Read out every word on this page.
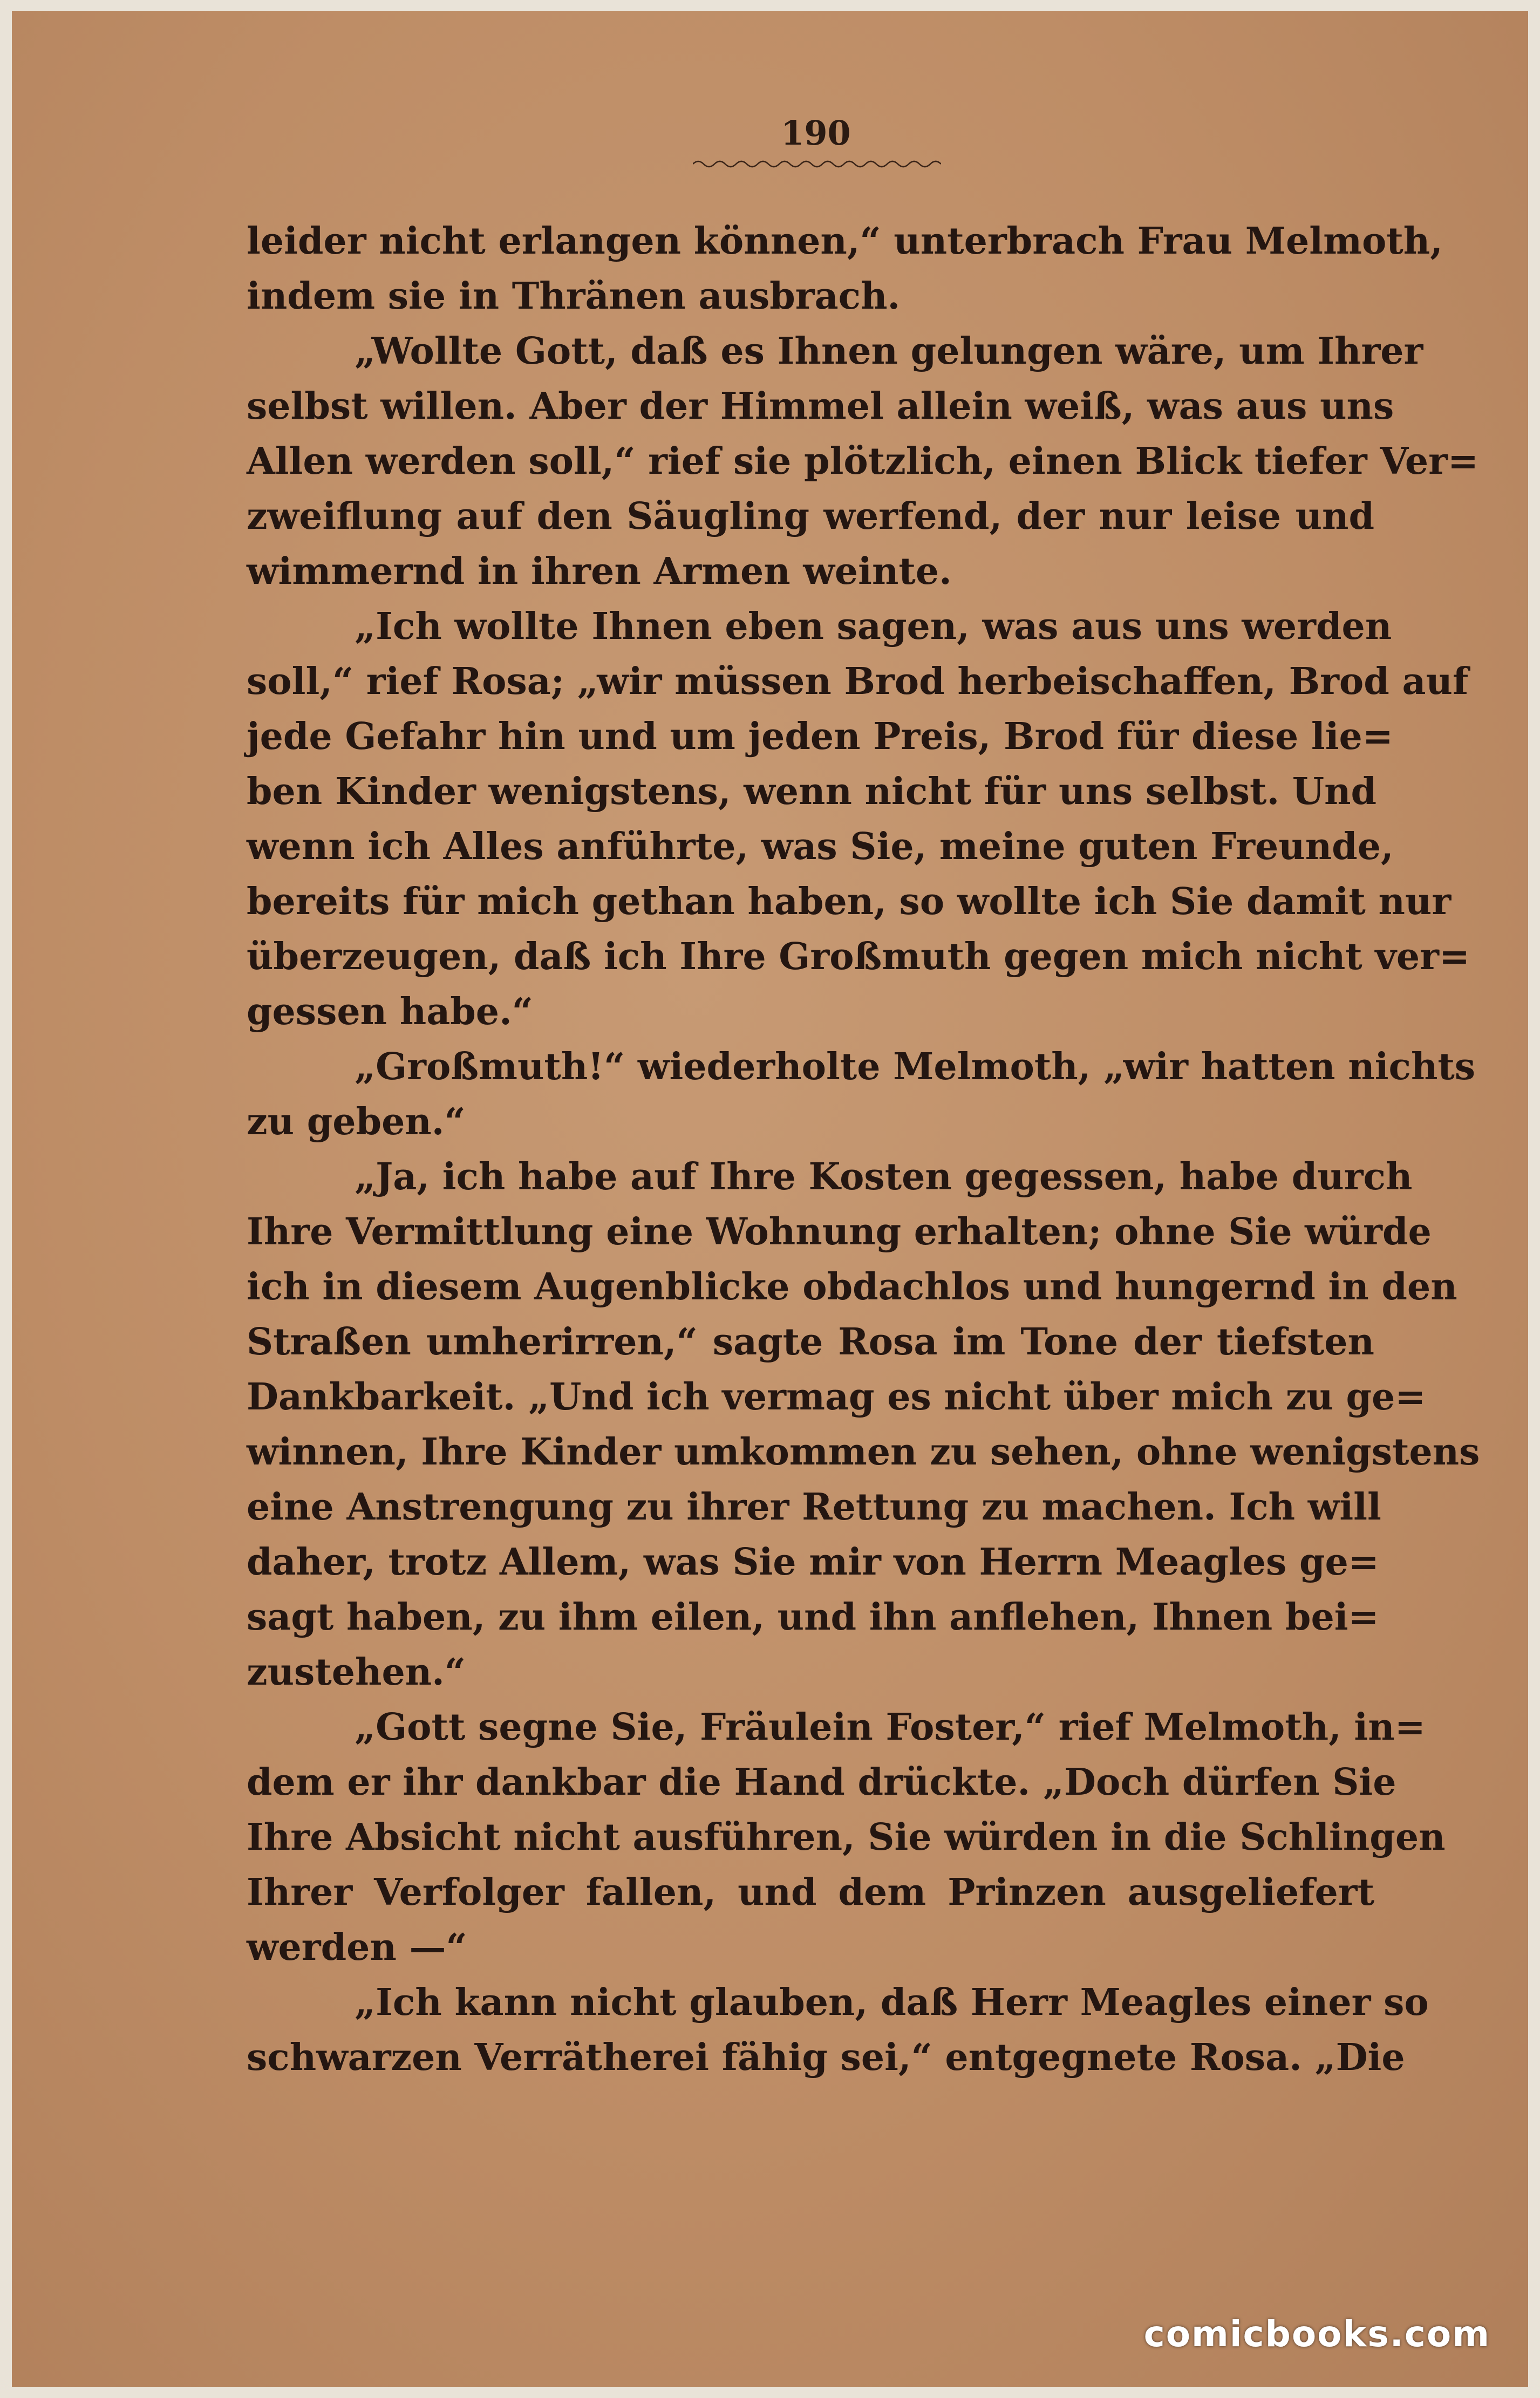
190
leider nicht erlangen können,“ unterbrach Frau Melmoth,
indem sie in Thränen ausbrach.
„Wollte Gott, daß es Ihnen gelungen wäre, um Ihrer
selbst willen. Aber der Himmel allein weiß, was aus uns
Allen werden soll,“ rief sie plötzlich, einen Blick tiefer Ver=
zweiflung auf den Säugling werfend, der nur leise und
wimmernd in ihren Armen weinte.
„Ich wollte Ihnen eben sagen, was aus uns werden
soll,“ rief Rosa; „wir müssen Brod herbeischaffen, Brod auf
jede Gefahr hin und um jeden Preis, Brod für diese lie=
ben Kinder wenigstens, wenn nicht für uns selbst. Und
wenn ich Alles anführte, was Sie, meine guten Freunde,
bereits für mich gethan haben, so wollte ich Sie damit nur
überzeugen, daß ich Ihre Großmuth gegen mich nicht ver=
gessen habe.“
„Großmuth!“ wiederholte Melmoth, „wir hatten nichts
zu geben.“
„Ja, ich habe auf Ihre Kosten gegessen, habe durch
Ihre Vermittlung eine Wohnung erhalten; ohne Sie würde
ich in diesem Augenblicke obdachlos und hungernd in den
Straßen umherirren,“ sagte Rosa im Tone der tiefsten
Dankbarkeit. „Und ich vermag es nicht über mich zu ge=
winnen, Ihre Kinder umkommen zu sehen, ohne wenigstens
eine Anstrengung zu ihrer Rettung zu machen. Ich will
daher, trotz Allem, was Sie mir von Herrn Meagles ge=
sagt haben, zu ihm eilen, und ihn anflehen, Ihnen bei=
zustehen.“
„Gott segne Sie, Fräulein Foster,“ rief Melmoth, in=
dem er ihr dankbar die Hand drückte. „Doch dürfen Sie
Ihre Absicht nicht ausführen, Sie würden in die Schlingen
Ihrer Verfolger fallen, und dem Prinzen ausgeliefert
werden —“
„Ich kann nicht glauben, daß Herr Meagles einer so
schwarzen Verrätherei fähig sei,“ entgegnete Rosa. „Die
comicbooks.com
